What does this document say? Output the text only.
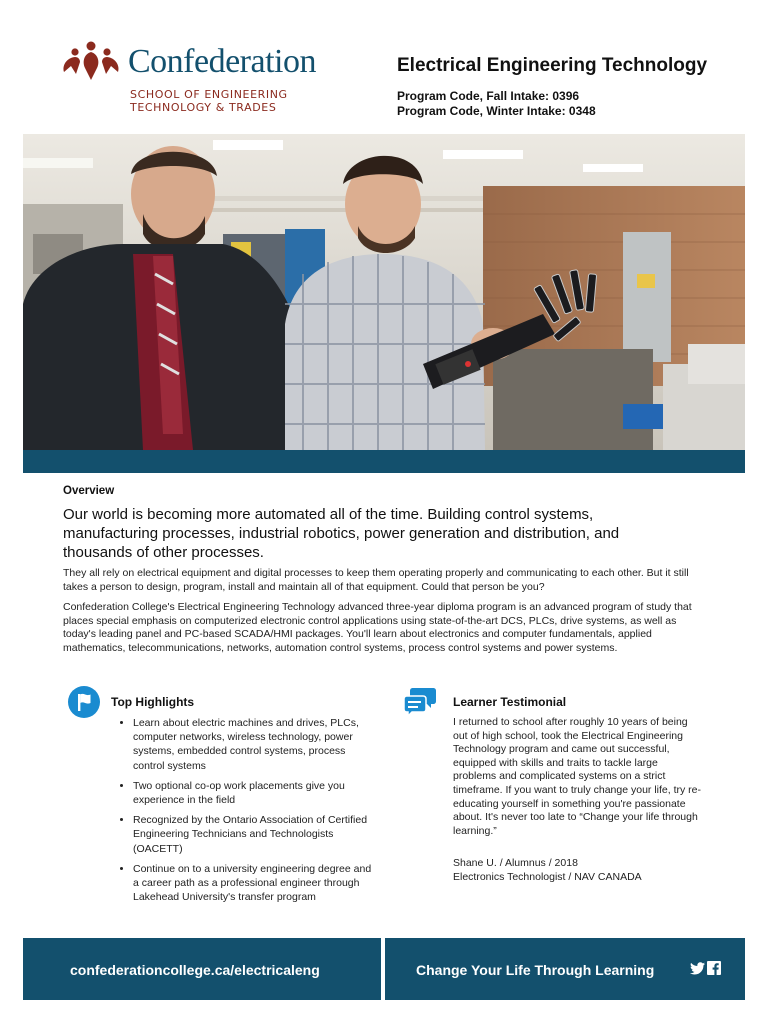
Confederation
SCHOOL OF ENGINEERING
TECHNOLOGY & TRADES
Electrical Engineering Technology
Program Code, Fall Intake: 0396
Program Code, Winter Intake: 0348
Overview
Our world is becoming more automated all of the time. Building control systems, manufacturing processes, industrial robotics, power generation and distribution, and thousands of other processes.

They all rely on electrical equipment and digital processes to keep them operating properly and communicating to each other. But it still takes a person to design, program, install and maintain all of that equipment. Could that person be you?

Confederation College's Electrical Engineering Technology advanced three-year diploma program is an advanced program of study that places special emphasis on computerized electronic control applications using state-of-the-art DCS, PLCs, drive systems, as well as today's leading panel and PC-based SCADA/HMI packages. You'll learn about electronics and computer fundamentals, applied mathematics, telecommunications, networks, automation control systems, process control systems and power systems.

Top Highlights
• Learn about electric machines and drives, PLCs, computer networks, wireless technology, power systems, embedded control systems, process control systems
• Two optional co-op work placements give you experience in the field
• Recognized by the Ontario Association of Certified Engineering Technicians and Technologists (OACETT)
• Continue on to a university engineering degree and a career path as a professional engineer through Lakehead University's transfer program
Learner Testimonial

I returned to school after roughly 10 years of being out of high school, took the Electrical Engineering Technology program and came out successful, equipped with skills and traits to tackle large problems and complicated systems on a strict timeframe. If you want to truly change your life, try re-educating yourself in something you're passionate about. It's never too late to “Change your life through learning.”

Shane U. / Alumnus / 2018
Electronics Technologist / NAV CANADA
confederationcollege.ca/electricaleng	Change Your Life Through Learning
